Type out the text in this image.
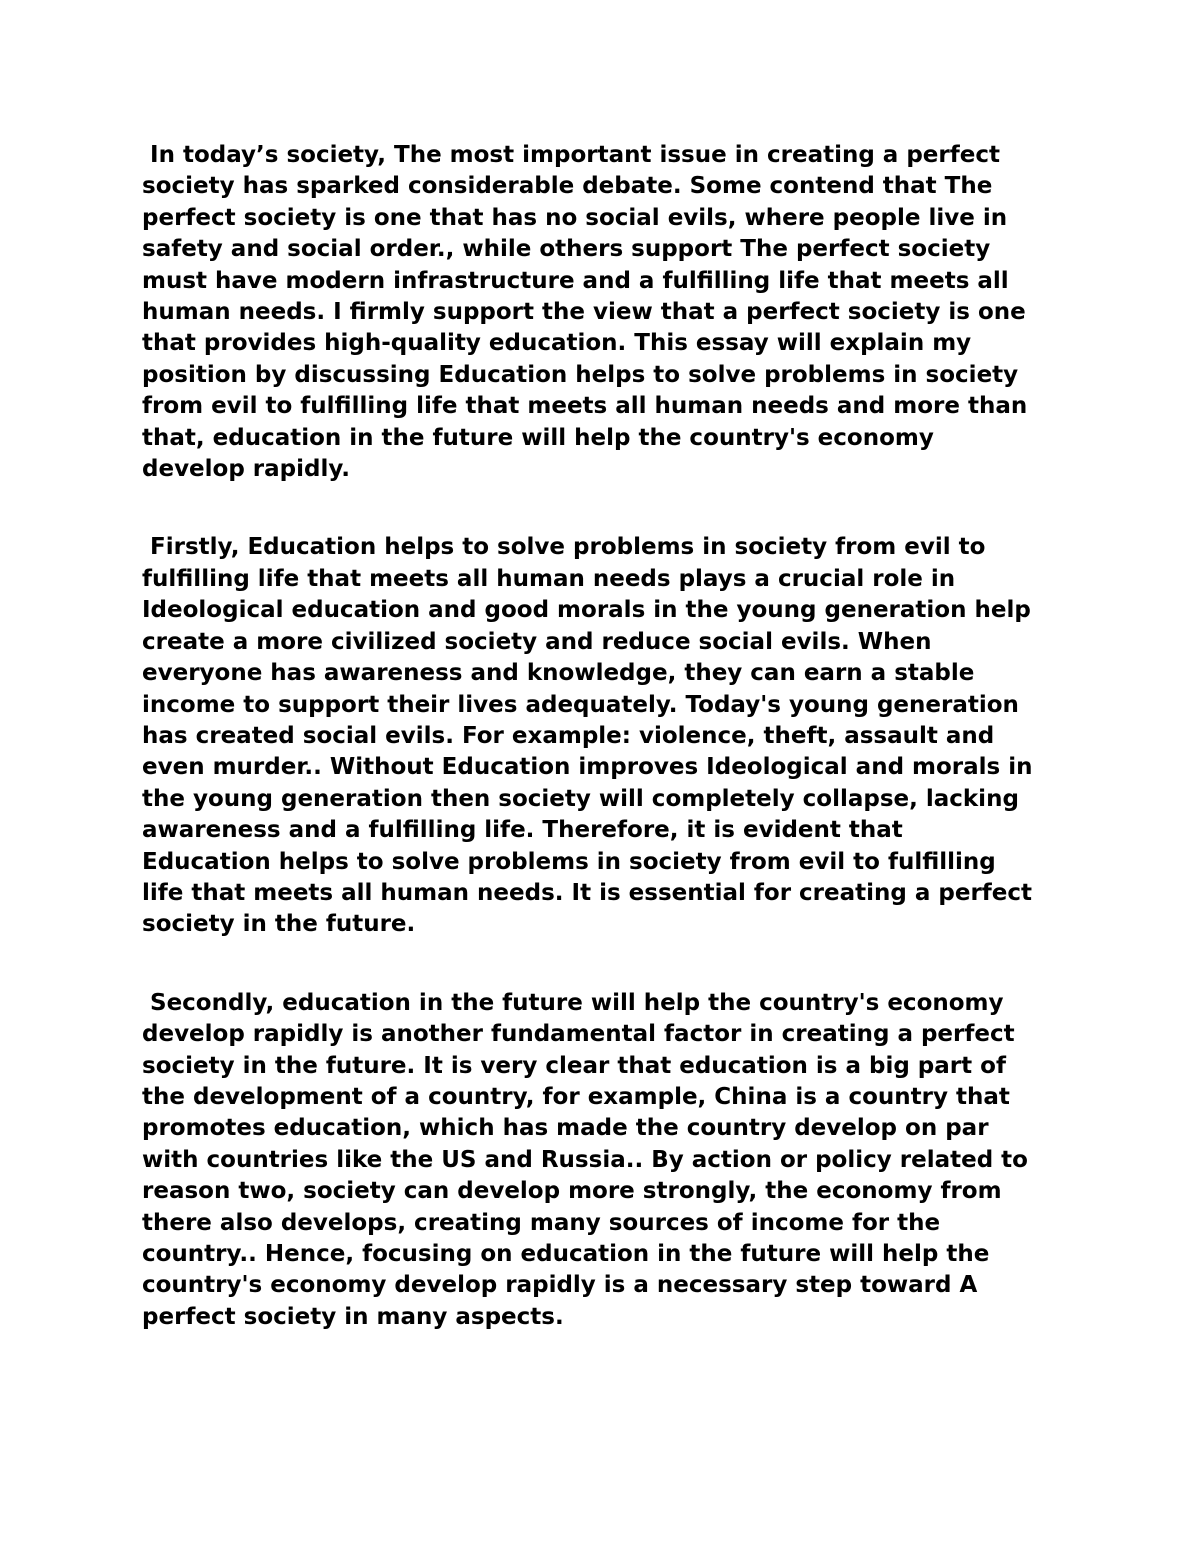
In today’s society, The most important issue in creating a perfect
society has sparked considerable debate. Some contend that The
perfect society is one that has no social evils, where people live in
safety and social order., while others support The perfect society
must have modern infrastructure and a fulfilling life that meets all
human needs. I firmly support the view that a perfect society is one
that provides high-quality education. This essay will explain my
position by discussing Education helps to solve problems in society
from evil to fulfilling life that meets all human needs and more than
that, education in the future will help the country's economy
develop rapidly.

Firstly, Education helps to solve problems in society from evil to
fulfilling life that meets all human needs plays a crucial role in
Ideological education and good morals in the young generation help
create a more civilized society and reduce social evils. When
everyone has awareness and knowledge, they can earn a stable
income to support their lives adequately. Today's young generation
has created social evils. For example: violence, theft, assault and
even murder.. Without Education improves Ideological and morals in
the young generation then society will completely collapse, lacking
awareness and a fulfilling life. Therefore, it is evident that
Education helps to solve problems in society from evil to fulfilling
life that meets all human needs. It is essential for creating a perfect
society in the future.

Secondly, education in the future will help the country's economy
develop rapidly is another fundamental factor in creating a perfect
society in the future. It is very clear that education is a big part of
the development of a country, for example, China is a country that
promotes education, which has made the country develop on par
with countries like the US and Russia.. By action or policy related to
reason two, society can develop more strongly, the economy from
there also develops, creating many sources of income for the
country.. Hence, focusing on education in the future will help the
country's economy develop rapidly is a necessary step toward A
perfect society in many aspects.
